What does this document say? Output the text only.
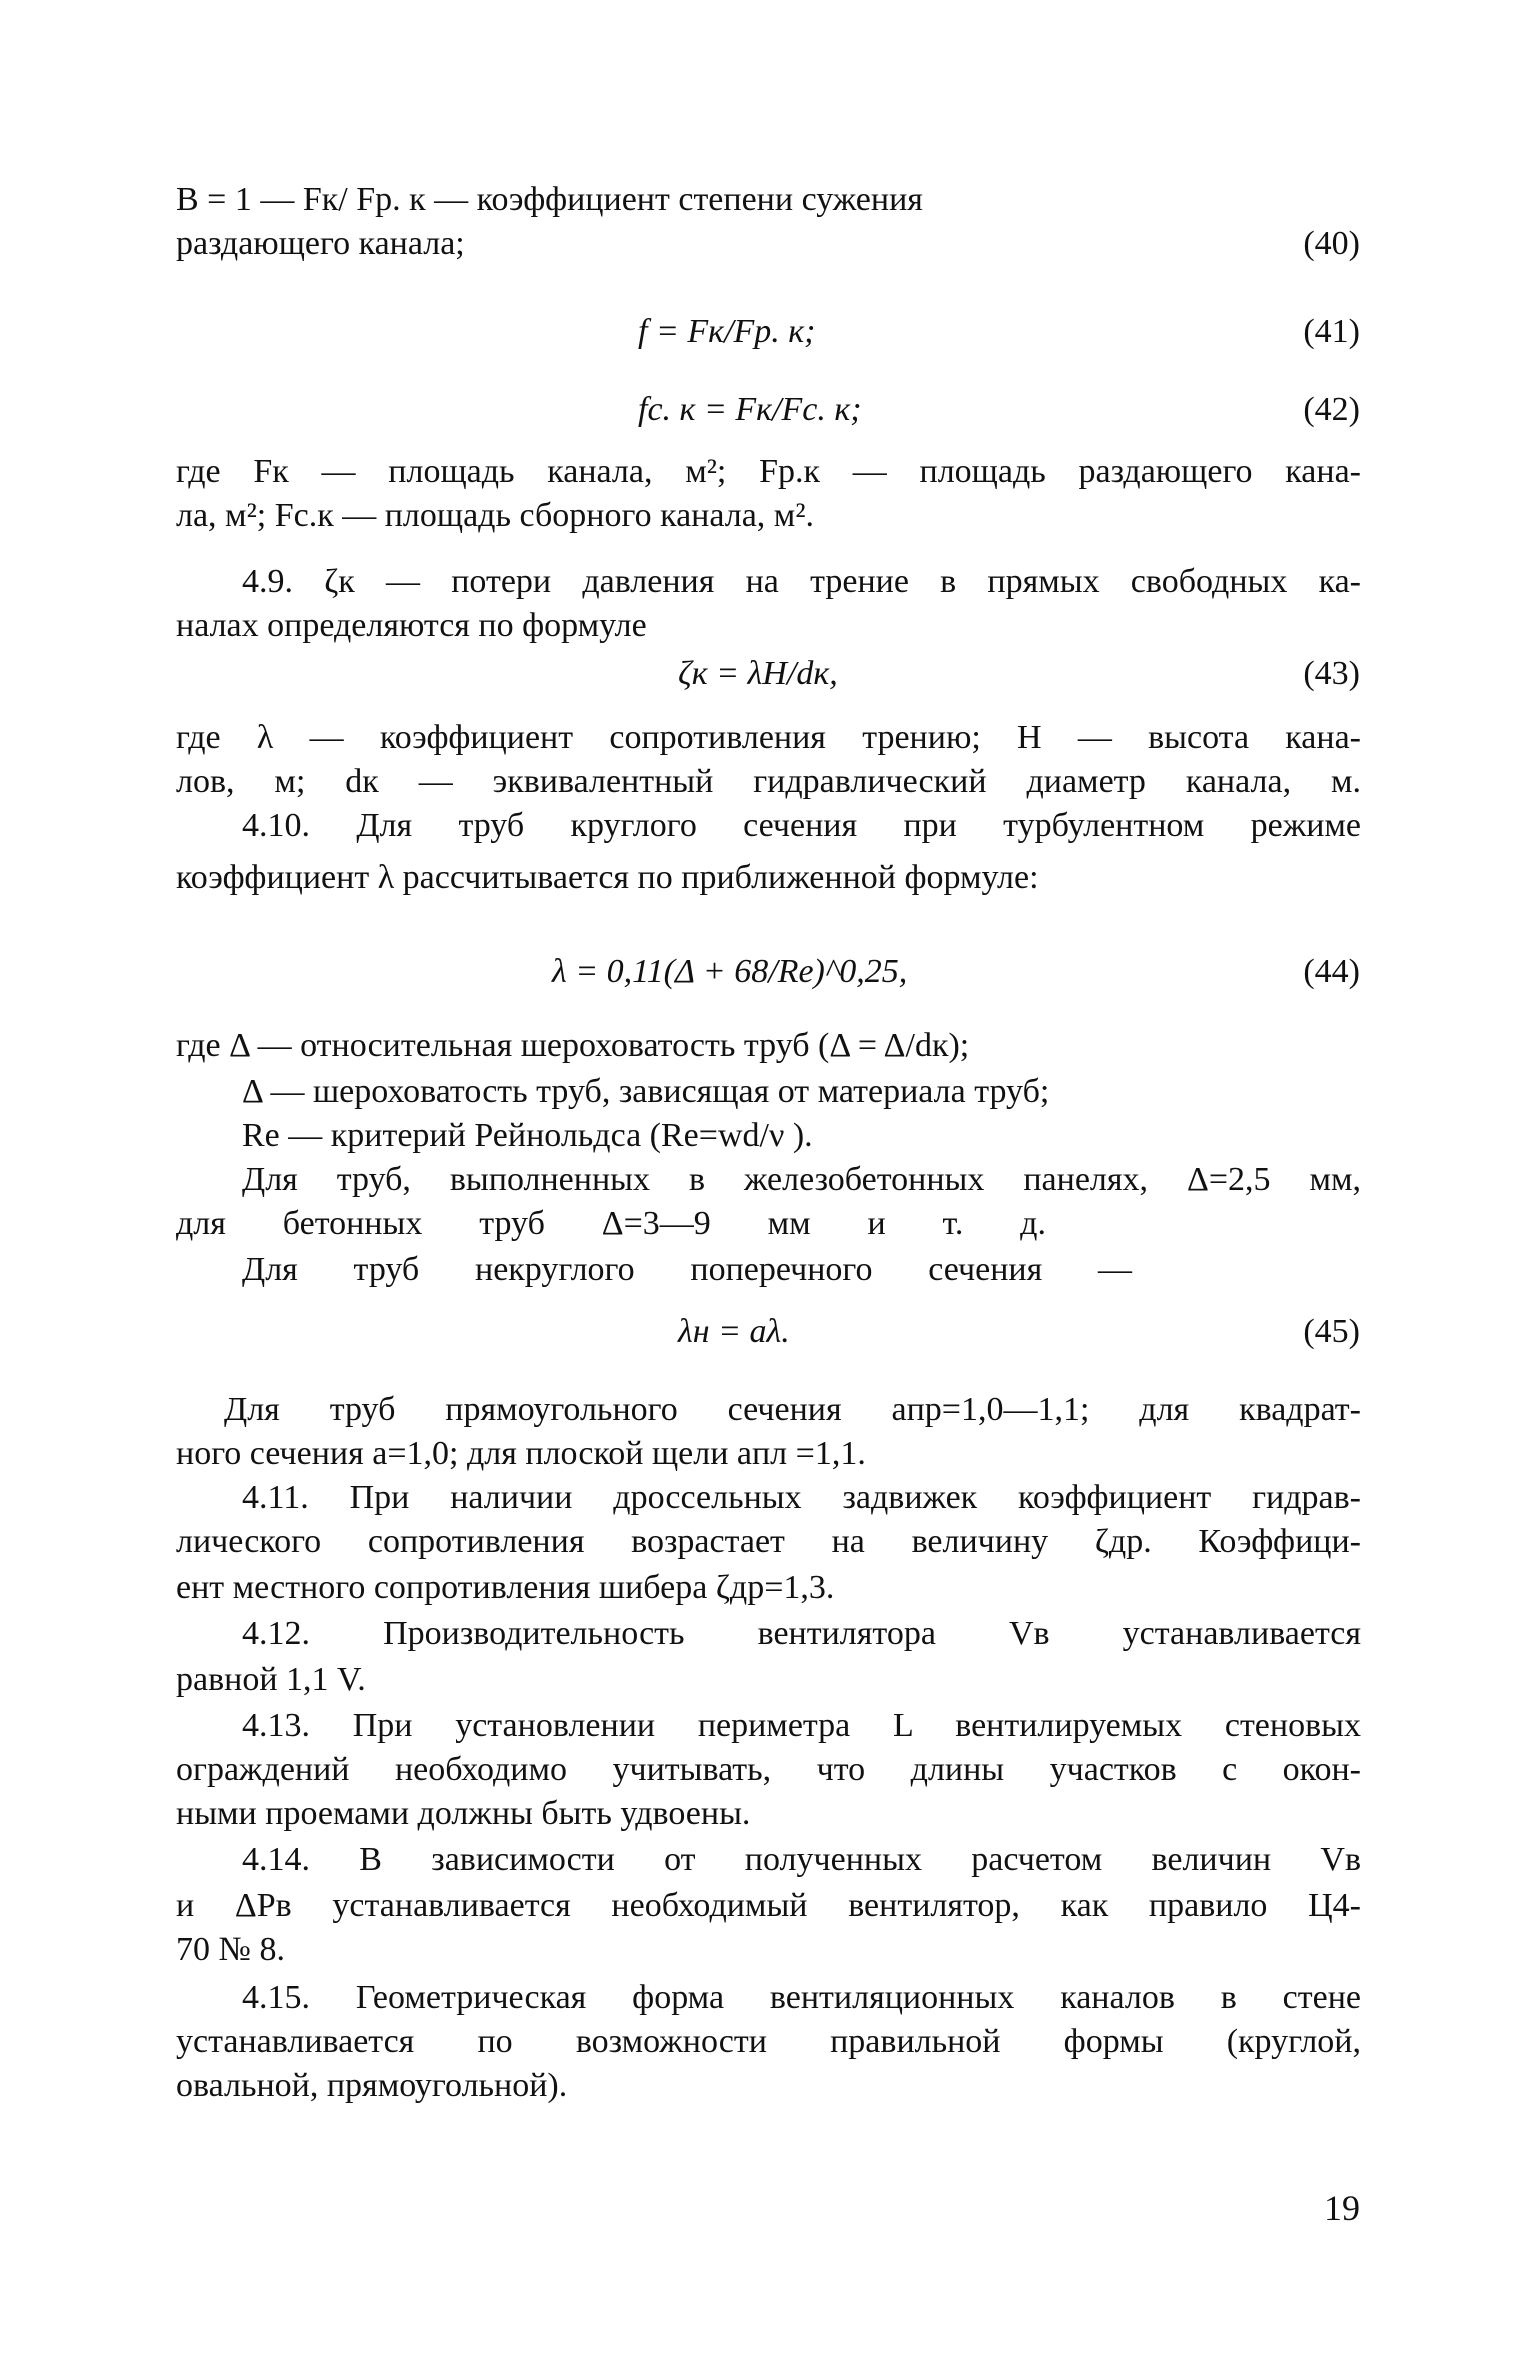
В = 1 — Fк/ Fр. к — коэффициент степени сужения
раздающего канала;	(40)
f = Fк/Fр. к;	(41)
fс. к = Fк/Fс. к;	(42)
где Fк — площадь канала, м²; Fр.к — площадь раздающего кана-
ла, м²; Fс.к — площадь сборного канала, м².
4.9. ζк — потери давления на трение в прямых свободных ка-
налах определяются по формуле
ζк = λH/dк,	(43)
где λ — коэффициент сопротивления трению; H — высота кана-
лов, м; dк — эквивалентный гидравлический диаметр канала, м.
4.10. Для труб круглого сечения при турбулентном режиме
коэффициент λ рассчитывается по приближенной формуле:
λ = 0,11(Δ + 68/Re)^0,25,	(44)
где Δ — относительная шероховатость труб (Δ = Δ/dк);
Δ — шероховатость труб, зависящая от материала труб;
Re — критерий Рейнольдса (Re=wd/ν ).
Для труб, выполненных в железобетонных панелях, Δ=2,5 мм,
для бетонных труб Δ=3—9 мм и т. д.
Для труб некруглого поперечного сечения —
λн = aλ.	(45)
Для труб прямоугольного сечения aпр=1,0—1,1; для квадрат-
ного сечения a=1,0; для плоской щели aпл =1,1.
4.11. При наличии дроссельных задвижек коэффициент гидрав-
лического сопротивления возрастает на величину ζдр. Коэффици-
ент местного сопротивления шибера ζдр=1,3.
4.12. Производительность вентилятора Vв устанавливается
равной 1,1 V.
4.13. При установлении периметра L вентилируемых стеновых
ограждений необходимо учитывать, что длины участков с окон-
ными проемами должны быть удвоены.
4.14. В зависимости от полученных расчетом величин Vв
и ΔPв устанавливается необходимый вентилятор, как правило Ц4-
70 № 8.
4.15. Геометрическая форма вентиляционных каналов в стене
устанавливается по возможности правильной формы (круглой,
овальной, прямоугольной).
19
